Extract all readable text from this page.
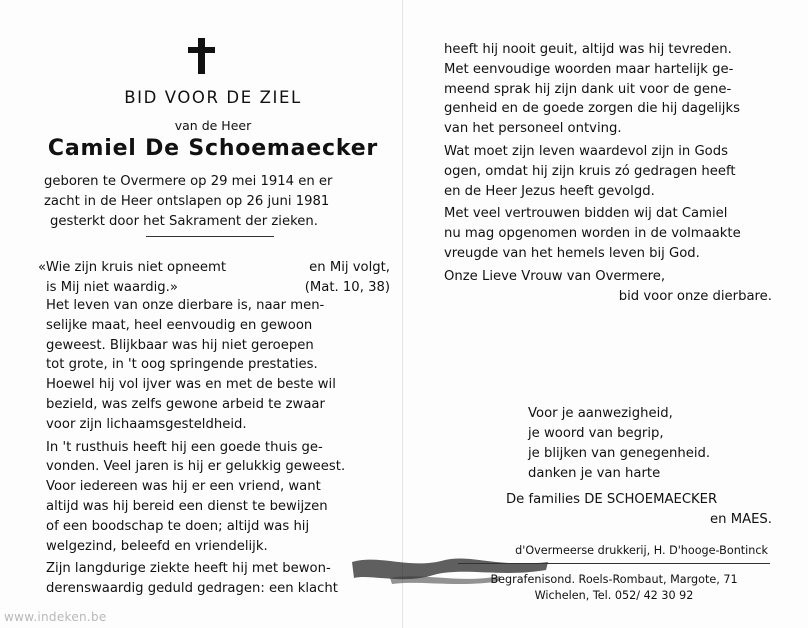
BID VOOR DE ZIEL
van de Heer
Camiel De Schoemaecker
geboren te Overmere op 29 mei 1914 en er
zacht in de Heer ontslapen op 26 juni 1981
gesterkt door het Sakrament der zieken.
«Wie zijn kruis niet opneemt	en Mij volgt,
is Mij niet waardig.»	(Mat. 10, 38)

Het leven van onze dierbare is, naar men-
selijke maat, heel eenvoudig en gewoon
geweest. Blijkbaar was hij niet geroepen
tot grote, in 't oog springende prestaties.
Hoewel hij vol ijver was en met de beste wil
bezield, was zelfs gewone arbeid te zwaar
voor zijn lichaamsgesteldheid.

In 't rusthuis heeft hij een goede thuis ge-
vonden. Veel jaren is hij er gelukkig geweest.
Voor iedereen was hij er een vriend, want
altijd was hij bereid een dienst te bewijzen
of een boodschap te doen; altijd was hij
welgezind, beleefd en vriendelijk.

Zijn langdurige ziekte heeft hij met bewon-
derenswaardig geduld gedragen: een klacht

heeft hij nooit geuit, altijd was hij tevreden.
Met eenvoudige woorden maar hartelijk ge-
meend sprak hij zijn dank uit voor de gene-
genheid en de goede zorgen die hij dagelijks
van het personeel ontving.

Wat moet zijn leven waardevol zijn in Gods
ogen, omdat hij zijn kruis zó gedragen heeft
en de Heer Jezus heeft gevolgd.

Met veel vertrouwen bidden wij dat Camiel
nu mag opgenomen worden in de volmaakte
vreugde van het hemels leven bij God.

Onze Lieve Vrouw van Overmere,
bid voor onze dierbare.

Voor je aanwezigheid,
je woord van begrip,
je blijken van genegenheid.
danken je van harte
De families DE SCHOEMAECKER
en MAES.
d'Overmeerse drukkerij, H. D'hooge-Bontinck
Begrafenisond. Roels-Rombaut, Margote, 71
Wichelen, Tel. 052/ 42 30 92
www.indeken.be
